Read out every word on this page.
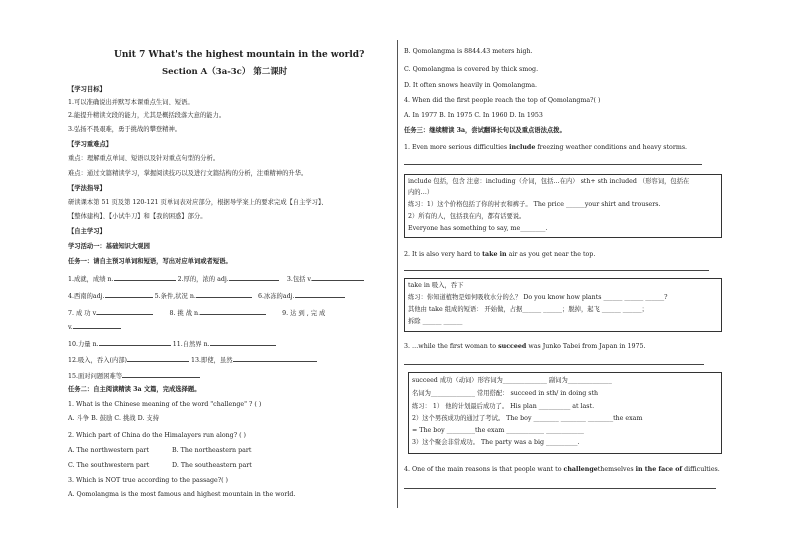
Unit 7 What's the highest mountain in the world?
Section A（3a-3c） 第二课时
【学习目标】
1.可以准确说出并默写本课重点生词、短语。
2.能提升精读文段的能力，尤其是概括段落大意的能力。
3.弘扬不畏艰难，勇于挑战的攀登精神。
【学习重难点】
重点：理解重点单词、短语以及针对重点句型的分析。
难点：通过文篇精读学习，掌握阅读技巧以及进行文篇结构的分析，注重精神的升华。
【学法指导】
研读课本第 51 页及第 120-121 页单词表对应部分，根据导学案上的要求完成【自主学习】、
【整体建构】、【小试牛刀】和【我的困惑】部分。
【自主学习】
学习活动一：基础知识大观园
任务一：请自主预习单词和短语，写出对应单词或者短语。
1.成就，成绩 n.	2.厚的，浓的 adj.	3.包括 v.
4.西南的adj.	5.条件,状况 n.	6.冰冻的adj.
7. 成 功 v.	8. 挑 战 n.	9. 达 到 , 完 成
v.
10.力量 n.	11.自然界 n.
12.吸入，吞入(内部)	13.即使，虽然
15.面对问题困难等
任务二：自主阅读精读 3a 文篇，完成选择题。
1. What is the Chinese meaning of the word "challenge" ? ( )
A. 斗争 B. 鼓励 C. 挑战 D. 支持
2. Which part of China do the Himalayers run along? ( )
A. The northwestern part	B. The northeastern part
C. The southwestern part	D. The southeastern part
3. Which is NOT true according to the passage?( )
A. Qomolangma is the most famous and highest mountain in the world.
B. Qomolangma is 8844.43 meters high.
C. Qomolangma is covered by thick smog.
D. It often snows heavily in Qomolangma.
4. When did the first people reach the top of Qomolangma?( )
A. In 1977 B. In 1975 C. In 1960 D. In 1953
任务三：继续精读 3a，尝试翻译长句以及重点语法点拨。
1. Even more serious difficulties include freezing weather conditions and heavy storms.
include 包括，包含 注意：including（介词，包括…在内） sth+ sth included （形容词，包括在
内的…）
练习：1）这个价格包括了你的衬衣和裤子。 The price ______your shirt and trousers.
2）所有的人，包括我在内，都有话要说。
Everyone has something to say, me________.
2. It is also very hard to take in air as you get near the top.
take in 吸入，吞下
练习：你知道植物是如何吸收水分的么？ Do you know how plants ______ ______ ______?
其他由 take 组成的短语： 开始做，占据______ ______；脱掉，起飞 ______ ______；
拆除 ______ ______
3. …while the first woman to succeed was Junko Tabei from Japan in 1975.
succeed 成功（动词）形容词为______________ 副词为______________
名词为______________ 常用搭配： succeed in sth/ in doing sth
练习： 1） 他的计划最后成功了。 His plan __________ at last.
2）这个男孩成功的通过了考试。 The boy ________ ________ ________the exam
= The boy _________the exam ____________ ____________
3）这个聚会非常成功。 The party was a big __________.
4. One of the main reasons is that people want to challengethemselves in the face of difficulties.
